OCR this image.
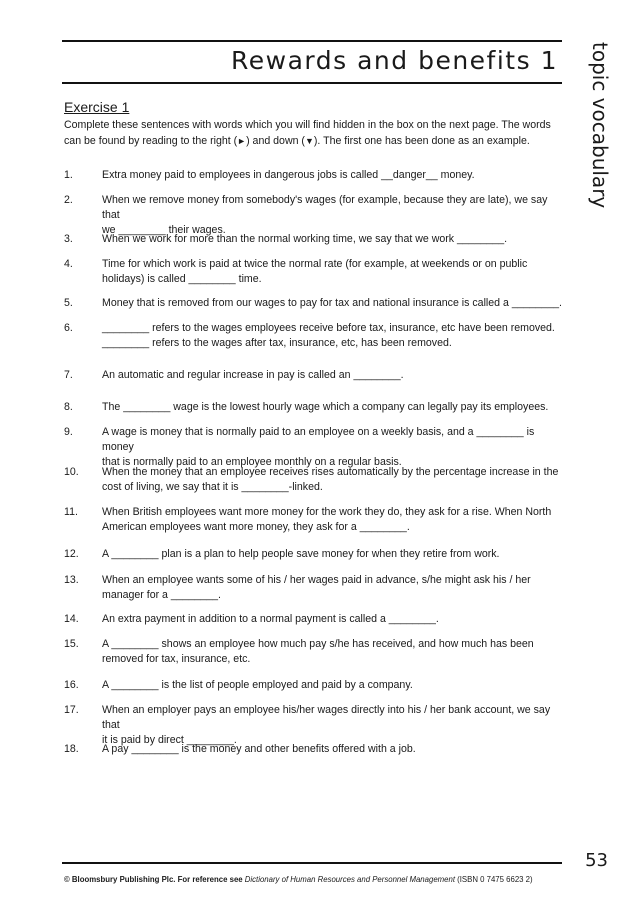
Rewards and benefits 1	topic vocabulary
Exercise 1
Complete these sentences with words which you will find hidden in the box on the next page. The words
can be found by reading to the right (►) and down (▼). The first one has been done as an example.
1.	Extra money paid to employees in dangerous jobs is called __danger__ money.
2.	When we remove money from somebody's wages (for example, because they are late), we say that
we ________ their wages.
3.	When we work for more than the normal working time, we say that we work ________.
4.	Time for which work is paid at twice the normal rate (for example, at weekends or on public
holidays) is called ________ time.
5.	Money that is removed from our wages to pay for tax and national insurance is called a ________.
6.	________ refers to the wages employees receive before tax, insurance, etc have been removed.
________ refers to the wages after tax, insurance, etc, has been removed.
7.	An automatic and regular increase in pay is called an ________.
8.	The ________ wage is the lowest hourly wage which a company can legally pay its employees.
9.	A wage is money that is normally paid to an employee on a weekly basis, and a ________ is money
that is normally paid to an employee monthly on a regular basis.
10. When the money that an employee receives rises automatically by the percentage increase in the
cost of living, we say that it is ________-linked.
11. When British employees want more money for the work they do, they ask for a rise. When North
American employees want more money, they ask for a ________.
12. A ________ plan is a plan to help people save money for when they retire from work.
13. When an employee wants some of his / her wages paid in advance, s/he might ask his / her
manager for a ________.
14. An extra payment in addition to a normal payment is called a ________.
15. A ________ shows an employee how much pay s/he has received, and how much has been
removed for tax, insurance, etc.
16. A ________ is the list of people employed and paid by a company.
17. When an employer pays an employee his/her wages directly into his / her bank account, we say that
it is paid by direct ________.
18. A pay ________ is the money and other benefits offered with a job.
53
© Bloomsbury Publishing Plc. For reference see Dictionary of Human Resources and Personnel Management (ISBN 0 7475 6623 2)
